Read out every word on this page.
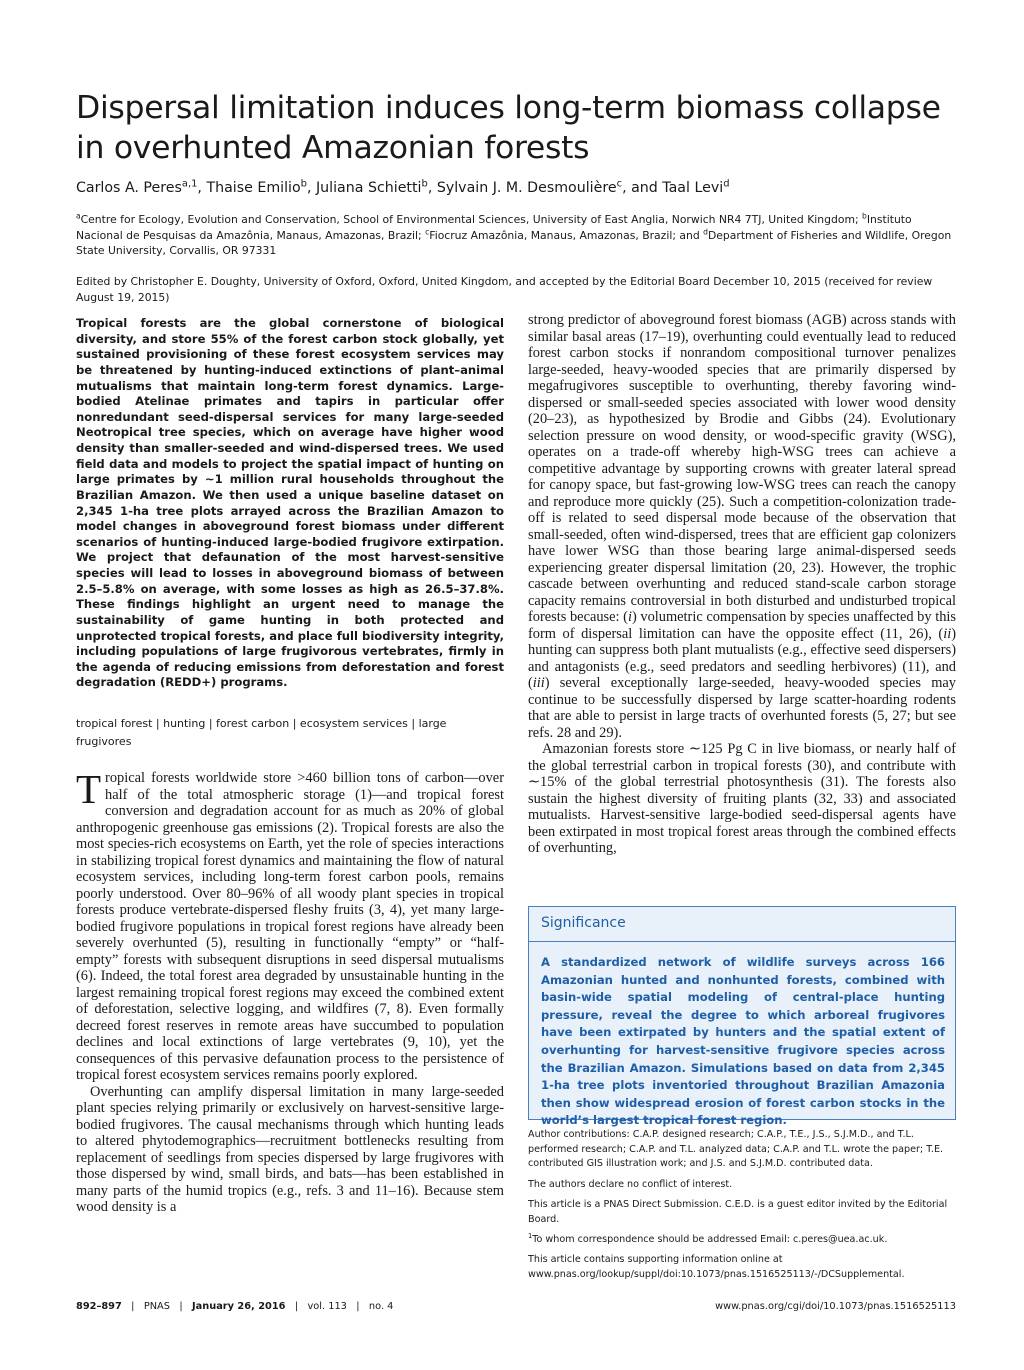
Dispersal limitation induces long-term biomass collapse in overhunted Amazonian forests
Carlos A. Peres$^{a,1}$, Thaise Emilio$^b$, Juliana Schietti$^b$, Sylvain J. M. Desmoulière$^c$, and Taal Levi$^d$
$^a$Centre for Ecology, Evolution and Conservation, School of Environmental Sciences, University of East Anglia, Norwich NR4 7TJ, United Kingdom; $^b$Instituto Nacional de Pesquisas da Amazônia, Manaus, Amazonas, Brazil; $^c$Fiocruz Amazônia, Manaus, Amazonas, Brazil; and $^d$Department of Fisheries and Wildlife, Oregon State University, Corvallis, OR 97331
Edited by Christopher E. Doughty, University of Oxford, Oxford, United Kingdom, and accepted by the Editorial Board December 10, 2015 (received for review August 19, 2015)
Tropical forests are the global cornerstone of biological diversity, and store 55% of the forest carbon stock globally, yet sustained provisioning of these forest ecosystem services may be threatened by hunting-induced extinctions of plant–animal mutualisms that maintain long-term forest dynamics. Large-bodied Atelinae primates and tapirs in particular offer nonredundant seed-dispersal services for many large-seeded Neotropical tree species, which on average have higher wood density than smaller-seeded and wind-dispersed trees. We used field data and models to project the spatial impact of hunting on large primates by ∼1 million rural households throughout the Brazilian Amazon. We then used a unique baseline dataset on 2,345 1-ha tree plots arrayed across the Brazilian Amazon to model changes in aboveground forest biomass under different scenarios of hunting-induced large-bodied frugivore extirpation. We project that defaunation of the most harvest-sensitive species will lead to losses in aboveground biomass of between 2.5–5.8% on average, with some losses as high as 26.5–37.8%. These findings highlight an urgent need to manage the sustainability of game hunting in both protected and unprotected tropical forests, and place full biodiversity integrity, including populations of large frugivorous vertebrates, firmly in the agenda of reducing emissions from deforestation and forest degradation (REDD+) programs.
tropical forest | hunting | forest carbon | ecosystem services | large frugivores

Tropical forests worldwide store >460 billion tons of carbon—over half of the total atmospheric storage (1)—and tropical forest conversion and degradation account for as much as 20% of global anthropogenic greenhouse gas emissions (2). Tropical forests are also the most species-rich ecosystems on Earth, yet the role of species interactions in stabilizing tropical forest dynamics and maintaining the flow of natural ecosystem services, including long-term forest carbon pools, remains poorly understood. Over 80–96% of all woody plant species in tropical forests produce vertebrate-dispersed fleshy fruits (3, 4), yet many large-bodied frugivore populations in tropical forest regions have already been severely overhunted (5), resulting in functionally “empty” or “half-empty” forests with subsequent disruptions in seed dispersal mutualisms (6). Indeed, the total forest area degraded by unsustainable hunting in the largest remaining tropical forest regions may exceed the combined extent of deforestation, selective logging, and wildfires (7, 8). Even formally decreed forest reserves in remote areas have succumbed to population declines and local extinctions of large vertebrates (9, 10), yet the consequences of this pervasive defaunation process to the persistence of tropical forest ecosystem services remains poorly explored.

Overhunting can amplify dispersal limitation in many large-seeded plant species relying primarily or exclusively on harvest-sensitive large-bodied frugivores. The causal mechanisms through which hunting leads to altered phytodemographics—recruitment bottlenecks resulting from replacement of seedlings from species dispersed by large frugivores with those dispersed by wind, small birds, and bats—has been established in many parts of the humid tropics (e.g., refs. 3 and 11–16). Because stem wood density is a

strong predictor of aboveground forest biomass (AGB) across stands with similar basal areas (17–19), overhunting could eventually lead to reduced forest carbon stocks if nonrandom compositional turnover penalizes large-seeded, heavy-wooded species that are primarily dispersed by megafrugivores susceptible to overhunting, thereby favoring wind-dispersed or small-seeded species associated with lower wood density (20–23), as hypothesized by Brodie and Gibbs (24). Evolutionary selection pressure on wood density, or wood-specific gravity (WSG), operates on a trade-off whereby high-WSG trees can achieve a competitive advantage by supporting crowns with greater lateral spread for canopy space, but fast-growing low-WSG trees can reach the canopy and reproduce more quickly (25). Such a competition-colonization trade-off is related to seed dispersal mode because of the observation that small-seeded, often wind-dispersed, trees that are efficient gap colonizers have lower WSG than those bearing large animal-dispersed seeds experiencing greater dispersal limitation (20, 23). However, the trophic cascade between overhunting and reduced stand-scale carbon storage capacity remains controversial in both disturbed and undisturbed tropical forests because: (i) volumetric compensation by species unaffected by this form of dispersal limitation can have the opposite effect (11, 26), (ii) hunting can suppress both plant mutualists (e.g., effective seed dispersers) and antagonists (e.g., seed predators and seedling herbivores) (11), and (iii) several exceptionally large-seeded, heavy-wooded species may continue to be successfully dispersed by large scatter-hoarding rodents that are able to persist in large tracts of overhunted forests (5, 27; but see refs. 28 and 29).

Amazonian forests store ∼125 Pg C in live biomass, or nearly half of the global terrestrial carbon in tropical forests (30), and contribute with ∼15% of the global terrestrial photosynthesis (31). The forests also sustain the highest diversity of fruiting plants (32, 33) and associated mutualists. Harvest-sensitive large-bodied seed-dispersal agents have been extirpated in most tropical forest areas through the combined effects of overhunting,

Significance
A standardized network of wildlife surveys across 166 Amazonian hunted and nonhunted forests, combined with basin-wide spatial modeling of central-place hunting pressure, reveal the degree to which arboreal frugivores have been extirpated by hunters and the spatial extent of overhunting for harvest-sensitive frugivore species across the Brazilian Amazon. Simulations based on data from 2,345 1-ha tree plots inventoried throughout Brazilian Amazonia then show widespread erosion of forest carbon stocks in the world’s largest tropical forest region.

Author contributions: C.A.P. designed research; C.A.P., T.E., J.S., S.J.M.D., and T.L. performed research; C.A.P. and T.L. analyzed data; C.A.P. and T.L. wrote the paper; T.E. contributed GIS illustration work; and J.S. and S.J.M.D. contributed data.

The authors declare no conflict of interest.

This article is a PNAS Direct Submission. C.E.D. is a guest editor invited by the Editorial Board.

$^1$To whom correspondence should be addressed Email: c.peres@uea.ac.uk.

This article contains supporting information online at www.pnas.org/lookup/suppl/doi:10.1073/pnas.1516525113/-/DCSupplemental.

892–897   |   PNAS   |   January 26, 2016   |   vol. 113   |   no. 4	www.pnas.org/cgi/doi/10.1073/pnas.1516525113
